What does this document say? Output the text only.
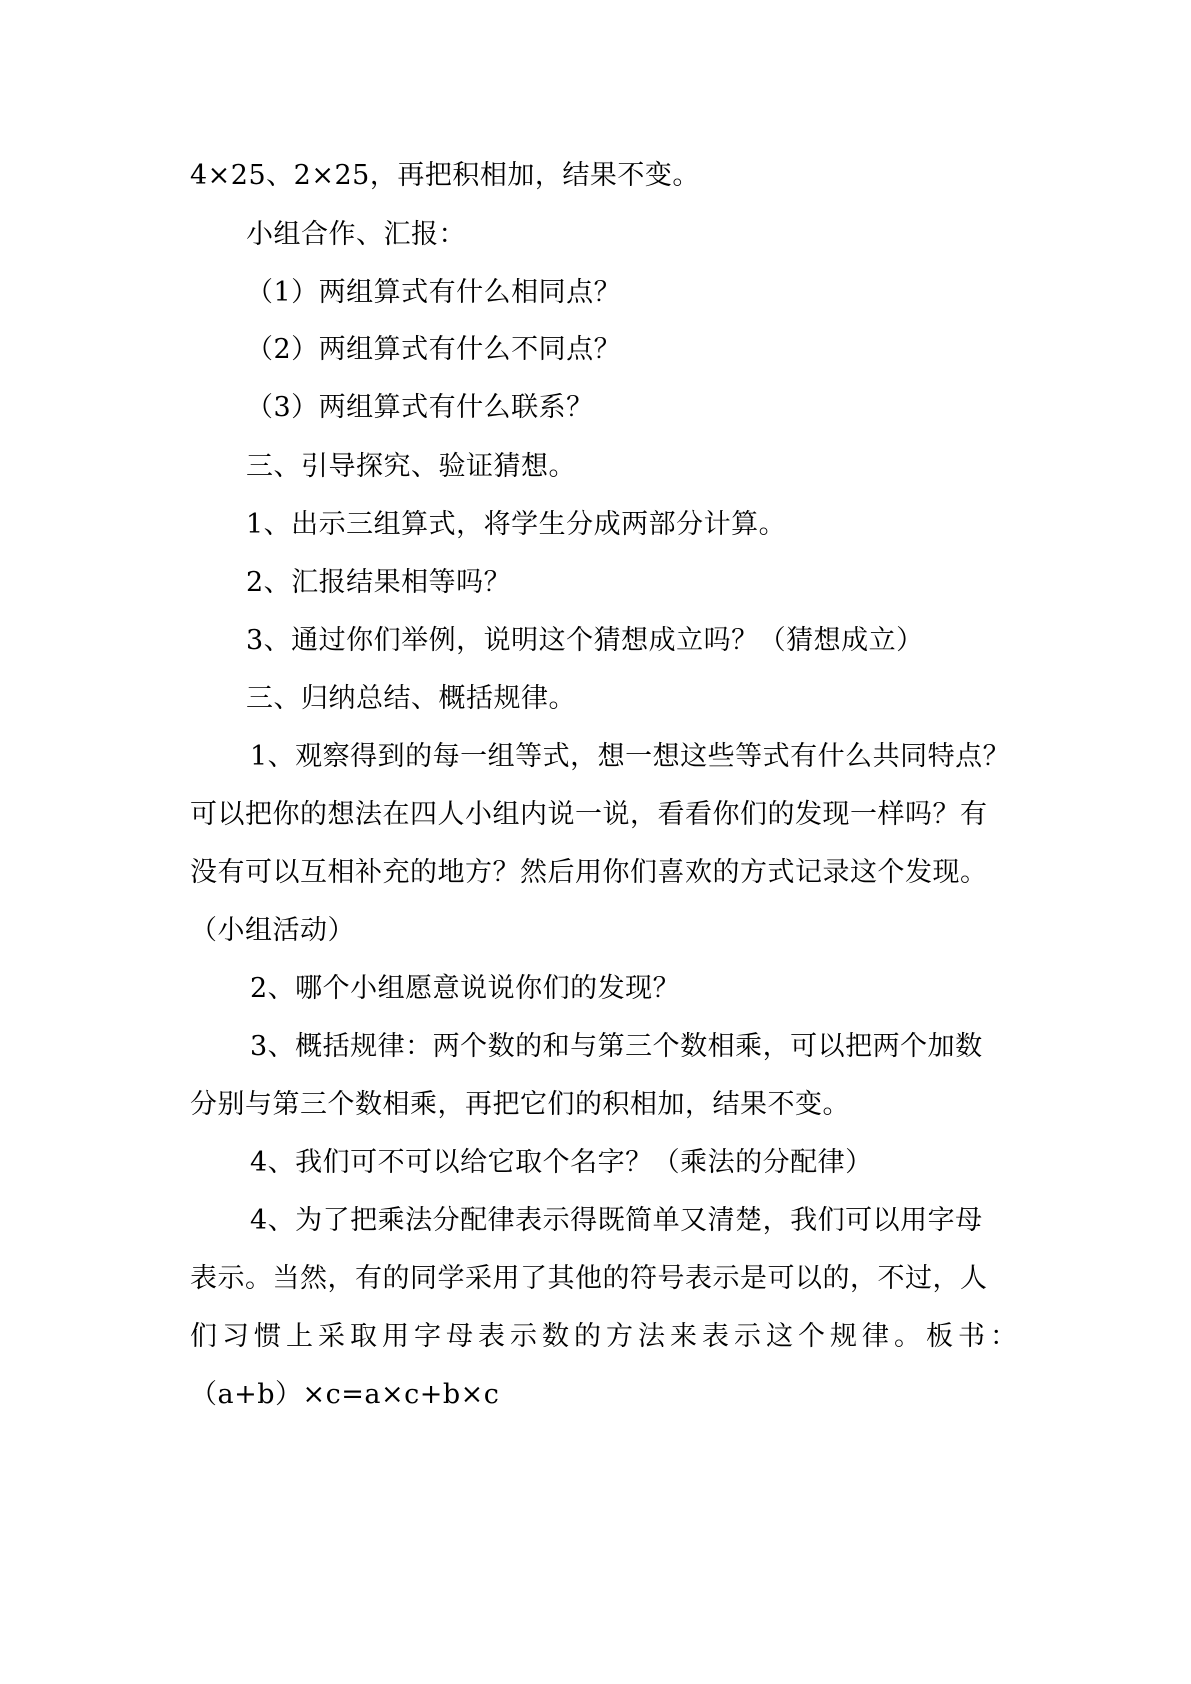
4×25、2×25，再把积相加，结果不变。
小组合作、汇报：
（1）两组算式有什么相同点？
（2）两组算式有什么不同点？
（3）两组算式有什么联系？
三、引导探究、验证猜想。
1、出示三组算式，将学生分成两部分计算。
2、汇报结果相等吗？
3、通过你们举例，说明这个猜想成立吗？（猜想成立）
三、归纳总结、概括规律。
1、观察得到的每一组等式，想一想这些等式有什么共同特点？
可以把你的想法在四人小组内说一说，看看你们的发现一样吗？有
没有可以互相补充的地方？然后用你们喜欢的方式记录这个发现。
（小组活动）
2、哪个小组愿意说说你们的发现？
3、概括规律：两个数的和与第三个数相乘，可以把两个加数
分别与第三个数相乘，再把它们的积相加，结果不变。
4、我们可不可以给它取个名字？（乘法的分配律）
4、为了把乘法分配律表示得既简单又清楚，我们可以用字母
表示。当然，有的同学采用了其他的符号表示是可以的，不过，人
们习惯上采取用字母表示数的方法来表示这个规律。板书：
（a+b）×c=a×c+b×c
